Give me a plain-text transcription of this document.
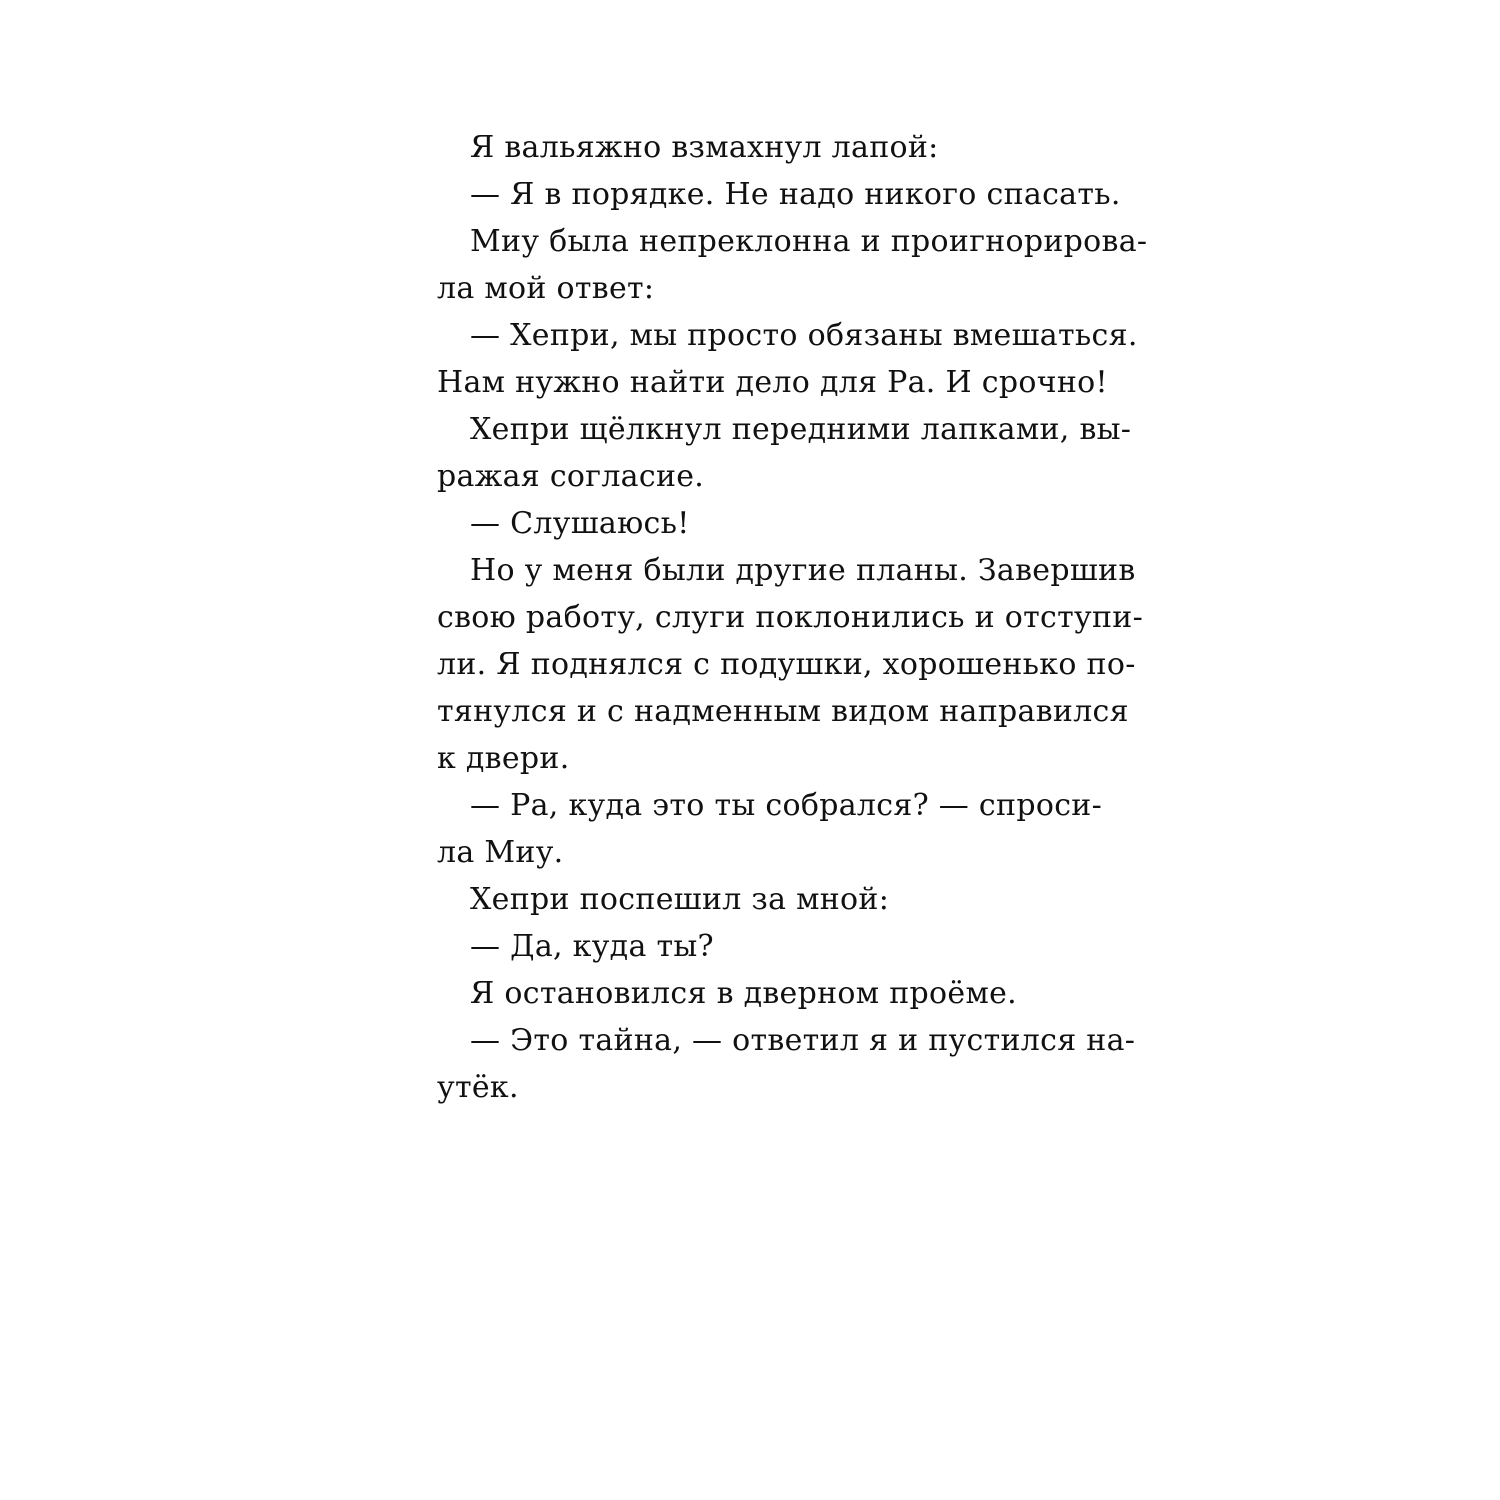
Я вальяжно взмахнул лапой:
— Я в порядке. Не надо никого спасать.
Миу была непреклонна и проигнорирова-
ла мой ответ:
— Хепри, мы просто обязаны вмешаться.
Нам нужно найти дело для Ра. И срочно!
Хепри щёлкнул передними лапками, вы-
ражая согласие.
— Слушаюсь!
Но у меня были другие планы. Завершив
свою работу, слуги поклонились и отступи-
ли. Я поднялся с подушки, хорошенько по-
тянулся и с надменным видом направился
к двери.
— Ра, куда это ты собрался? — спроси-
ла Миу.
Хепри поспешил за мной:
— Да, куда ты?
Я остановился в дверном проёме.
— Это тайна, — ответил я и пустился на-
утёк.
